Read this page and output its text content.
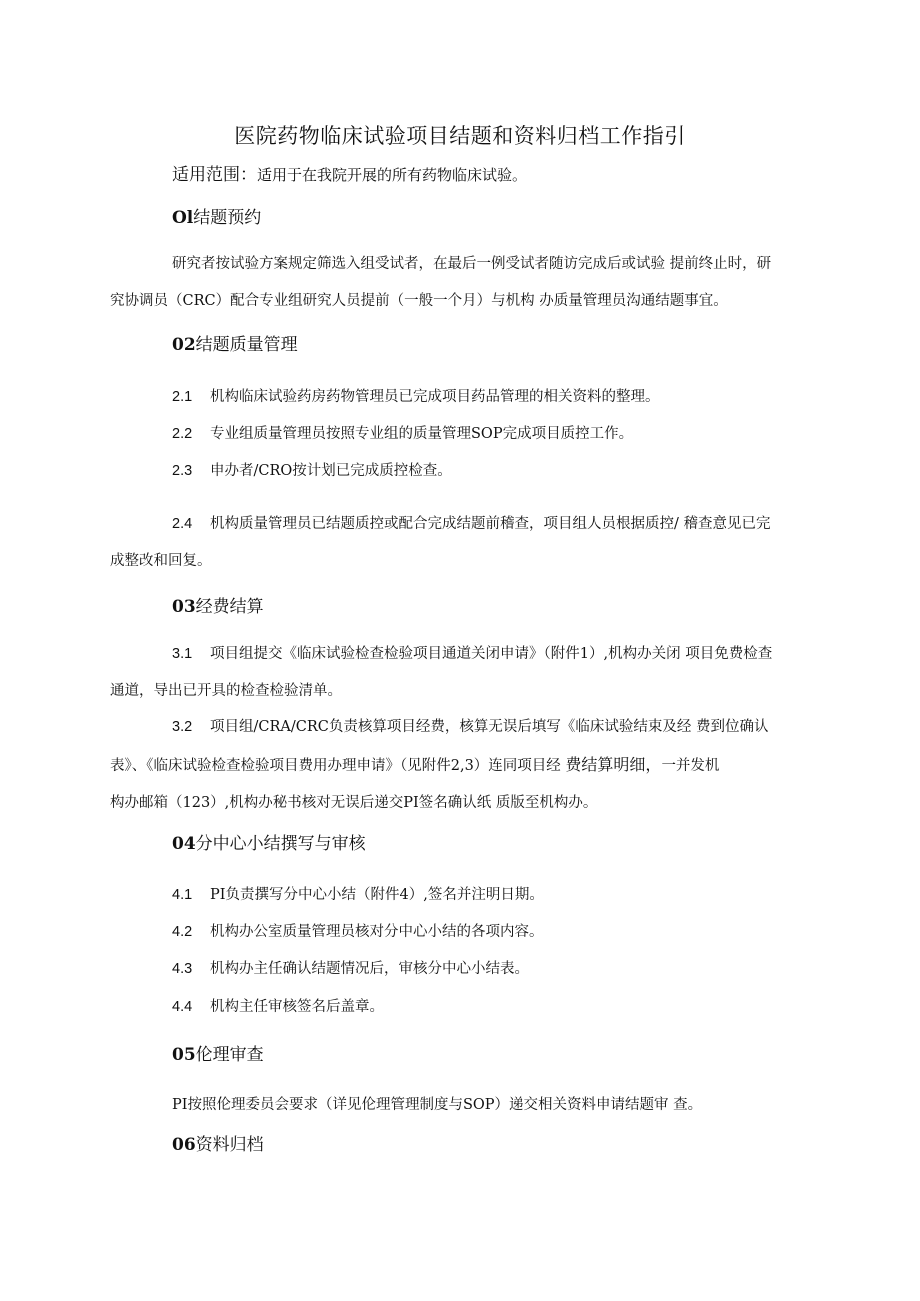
医院药物临床试验项目结题和资料归档工作指引
适用范围：适用于在我院开展的所有药物临床试验。
Ol结题预约
研究者按试验方案规定筛选入组受试者，在最后一例受试者随访完成后或试验 提前终止时，研
究协调员（CRC）配合专业组研究人员提前（一般一个月）与机构 办质量管理员沟通结题事宜。
02结题质量管理
2.1 机构临床试验药房药物管理员已完成项目药品管理的相关资料的整理。
2.2 专业组质量管理员按照专业组的质量管理SOP完成项目质控工作。
2.3 申办者/CRO按计划已完成质控检查。
2.4 机构质量管理员已结题质控或配合完成结题前稽查，项目组人员根据质控/ 稽查意见已完
成整改和回复。
03经费结算
3.1 项目组提交《临床试验检查检验项目通道关闭申请》（附件1）,机构办关闭 项目免费检查
通道，导出已开具的检查检验清单。
3.2 项目组/CRA/CRC负责核算项目经费，核算无误后填写《临床试验结束及经 费到位确认
表》、《临床试验检查检验项目费用办理申请》（见附件2,3）连同项目经 费结算明细，一并发机
构办邮箱（123）,机构办秘书核对无误后递交PI签名确认纸 质版至机构办。
04分中心小结撰写与审核
4.1 PI负责撰写分中心小结（附件4）,签名并注明日期。
4.2 机构办公室质量管理员核对分中心小结的各项内容。
4.3 机构办主任确认结题情况后，审核分中心小结表。
4.4 机构主任审核签名后盖章。
05伦理审查
PI按照伦理委员会要求（详见伦理管理制度与SOP）递交相关资料申请结题审 查。
06资料归档
